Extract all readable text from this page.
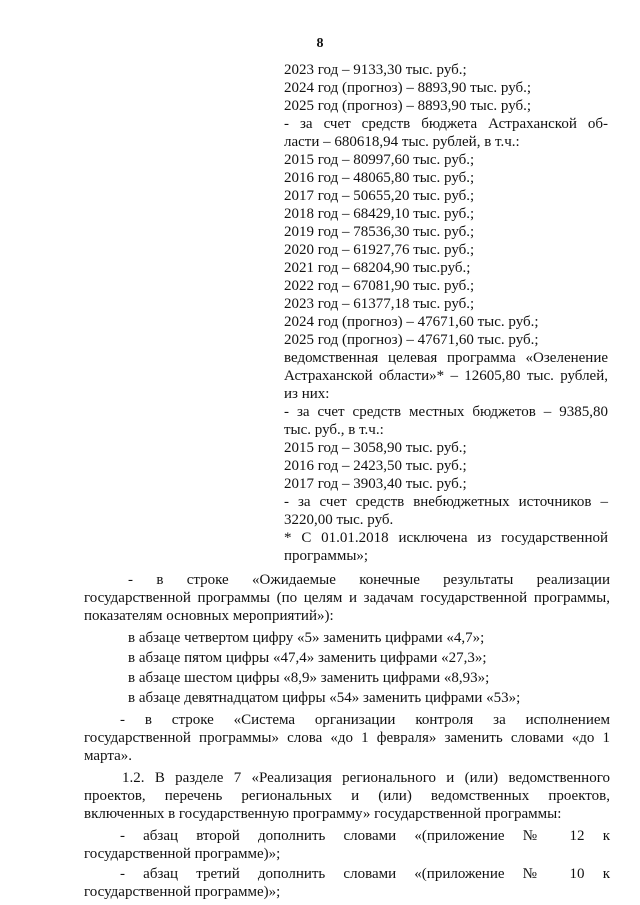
8
2023 год – 9133,30 тыс. руб.;
2024 год (прогноз) – 8893,90 тыс. руб.;
2025 год (прогноз) – 8893,90 тыс. руб.;
- за счет средств бюджета Астраханской об-
ласти – 680618,94 тыс. рублей, в т.ч.:
2015 год – 80997,60 тыс. руб.;
2016 год – 48065,80 тыс. руб.;
2017 год – 50655,20 тыс. руб.;
2018 год – 68429,10 тыс. руб.;
2019 год – 78536,30 тыс. руб.;
2020 год – 61927,76 тыс. руб.;
2021 год – 68204,90 тыс.руб.;
2022 год – 67081,90 тыс. руб.;
2023 год – 61377,18 тыс. руб.;
2024 год (прогноз) – 47671,60 тыс. руб.;
2025 год (прогноз) – 47671,60 тыс. руб.;
ведомственная целевая программа «Озеленение
Астраханской области»* – 12605,80 тыс. рублей,
из них:
- за счет средств местных бюджетов – 9385,80
тыс. руб., в т.ч.:
2015 год – 3058,90 тыс. руб.;
2016 год – 2423,50 тыс. руб.;
2017 год – 3903,40 тыс. руб.;
- за счет средств внебюджетных источников –
3220,00 тыс. руб.
* С 01.01.2018 исключена из государственной
программы»;
- в строке «Ожидаемые конечные результаты реализации
государственной программы (по целям и задачам государственной программы,
показателям основных мероприятий»):
в абзаце четвертом цифру «5» заменить цифрами «4,7»;
в абзаце пятом цифры «47,4» заменить цифрами «27,3»;
в абзаце шестом цифры «8,9» заменить цифрами «8,93»;
в абзаце девятнадцатом цифры «54» заменить цифрами «53»;
- в строке «Система организации контроля за исполнением
государственной программы» слова «до 1 февраля» заменить словами «до 1
марта».
1.2. В разделе 7 «Реализация регионального и (или) ведомственного
проектов, перечень региональных и (или) ведомственных проектов,
включенных в государственную программу» государственной программы:
- абзац второй дополнить словами «(приложение № 12 к
государственной программе)»;
- абзац третий дополнить словами «(приложение № 10 к
государственной программе)»;
